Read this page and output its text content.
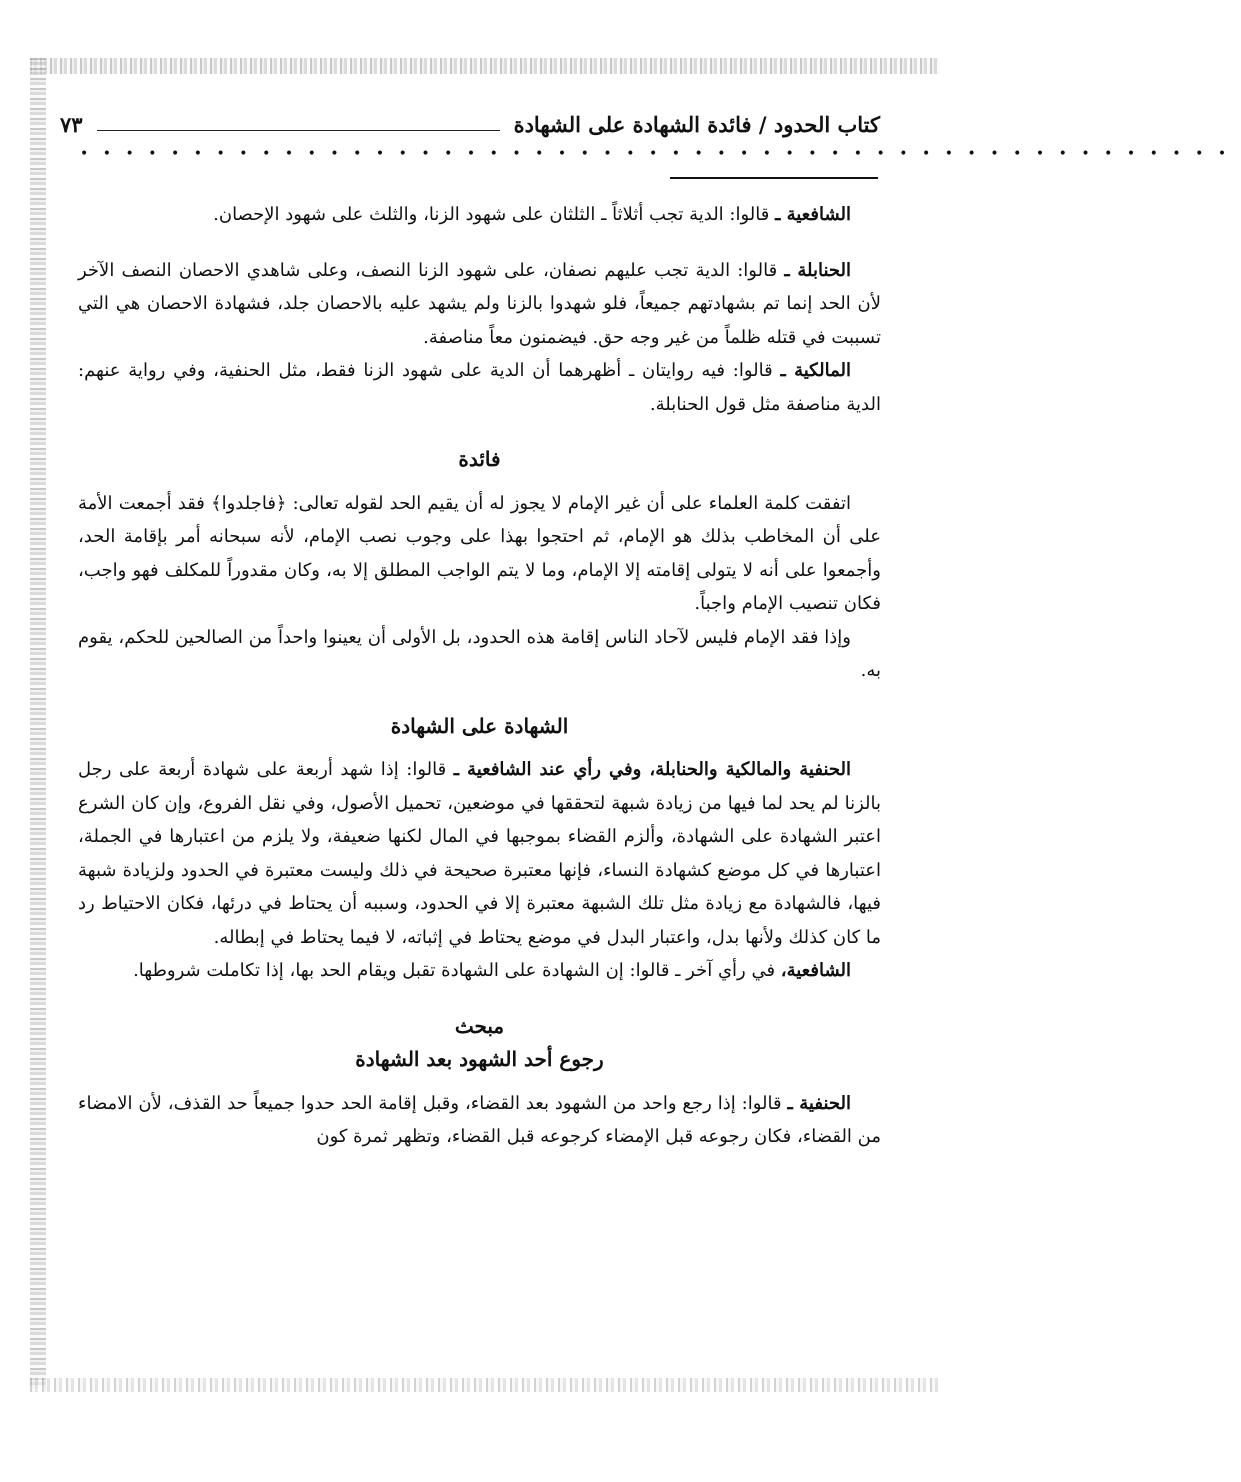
كتاب الحدود / فائدة الشهادة على الشهادة
٧٣
•••••••••••••••••••••••••••••••••••••••••••••••••••

الشافعية ـ قالوا: الدية تجب أثلاثاً ـ الثلثان على شهود الزنا، والثلث على شهود الإحصان.

الحنابلة ـ قالوا: الدية تجب عليهم نصفان، على شهود الزنا النصف، وعلى شاهدي الاحصان النصف الآخر لأن الحد إنما تم بشهادتهم جميعاً، فلو شهدوا بالزنا ولم يشهد عليه بالاحصان جلد، فشهادة الاحصان هي التي تسببت في قتله ظلماً من غير وجه حق. فيضمنون معاً مناصفة.

المالكية ـ قالوا: فيه روايتان ـ أظهرهما أن الدية على شهود الزنا فقط، مثل الحنفية، وفي رواية عنهم: الدية مناصفة مثل قول الحنابلة.

فائدة

اتفقت كلمة العلماء على أن غير الإمام لا يجوز له أن يقيم الحد لقوله تعالى: ﴿فاجلدوا﴾ فقد أجمعت الأمة على أن المخاطب بذلك هو الإمام، ثم احتجوا بهذا على وجوب نصب الإمام، لأنه سبحانه أمر بإقامة الحد، وأجمعوا على أنه لا يتولى إقامته إلا الإمام، وما لا يتم الواجب المطلق إلا به، وكان مقدوراً للمكلف فهو واجب، فكان تنصيب الإمام واجباً.

وإذا فقد الإمام فليس لآحاد الناس إقامة هذه الحدود، بل الأولى أن يعينوا واحداً من الصالحين للحكم، يقوم به.

الشهادة على الشهادة

الحنفية والمالكية والحنابلة، وفي رأي عند الشافعية ـ قالوا: إذا شهد أربعة على شهادة أربعة على رجل بالزنا لم يحد لما فيها من زيادة شبهة لتحققها في موضعين، تحميل الأصول، وفي نقل الفروع، وإن كان الشرع اعتبر الشهادة على الشهادة، وألزم القضاء بموجبها في المال لكنها ضعيفة، ولا يلزم من اعتبارها في الجملة، اعتبارها في كل موضع كشهادة النساء، فإنها معتبرة صحيحة في ذلك وليست معتبرة في الحدود ولزيادة شبهة فيها، فالشهادة مع زيادة مثل تلك الشبهة معتبرة إلا في الحدود، وسببه أن يحتاط في درئها، فكان الاحتياط رد ما كان كذلك ولأنها بدل، واعتبار البدل في موضع يحتاط في إثباته، لا فيما يحتاط في إبطاله.

الشافعية، في رأي آخر ـ قالوا: إن الشهادة على الشهادة تقبل ويقام الحد بها، إذا تكاملت شروطها.

مبحث
رجوع أحد الشهود بعد الشهادة

الحنفية ـ قالوا: إذا رجع واحد من الشهود بعد القضاء، وقبل إقامة الحد حدوا جميعاً حد القذف، لأن الامضاء من القضاء، فكان رجوعه قبل الإمضاء كرجوعه قبل القضاء، وتظهر ثمرة كون
